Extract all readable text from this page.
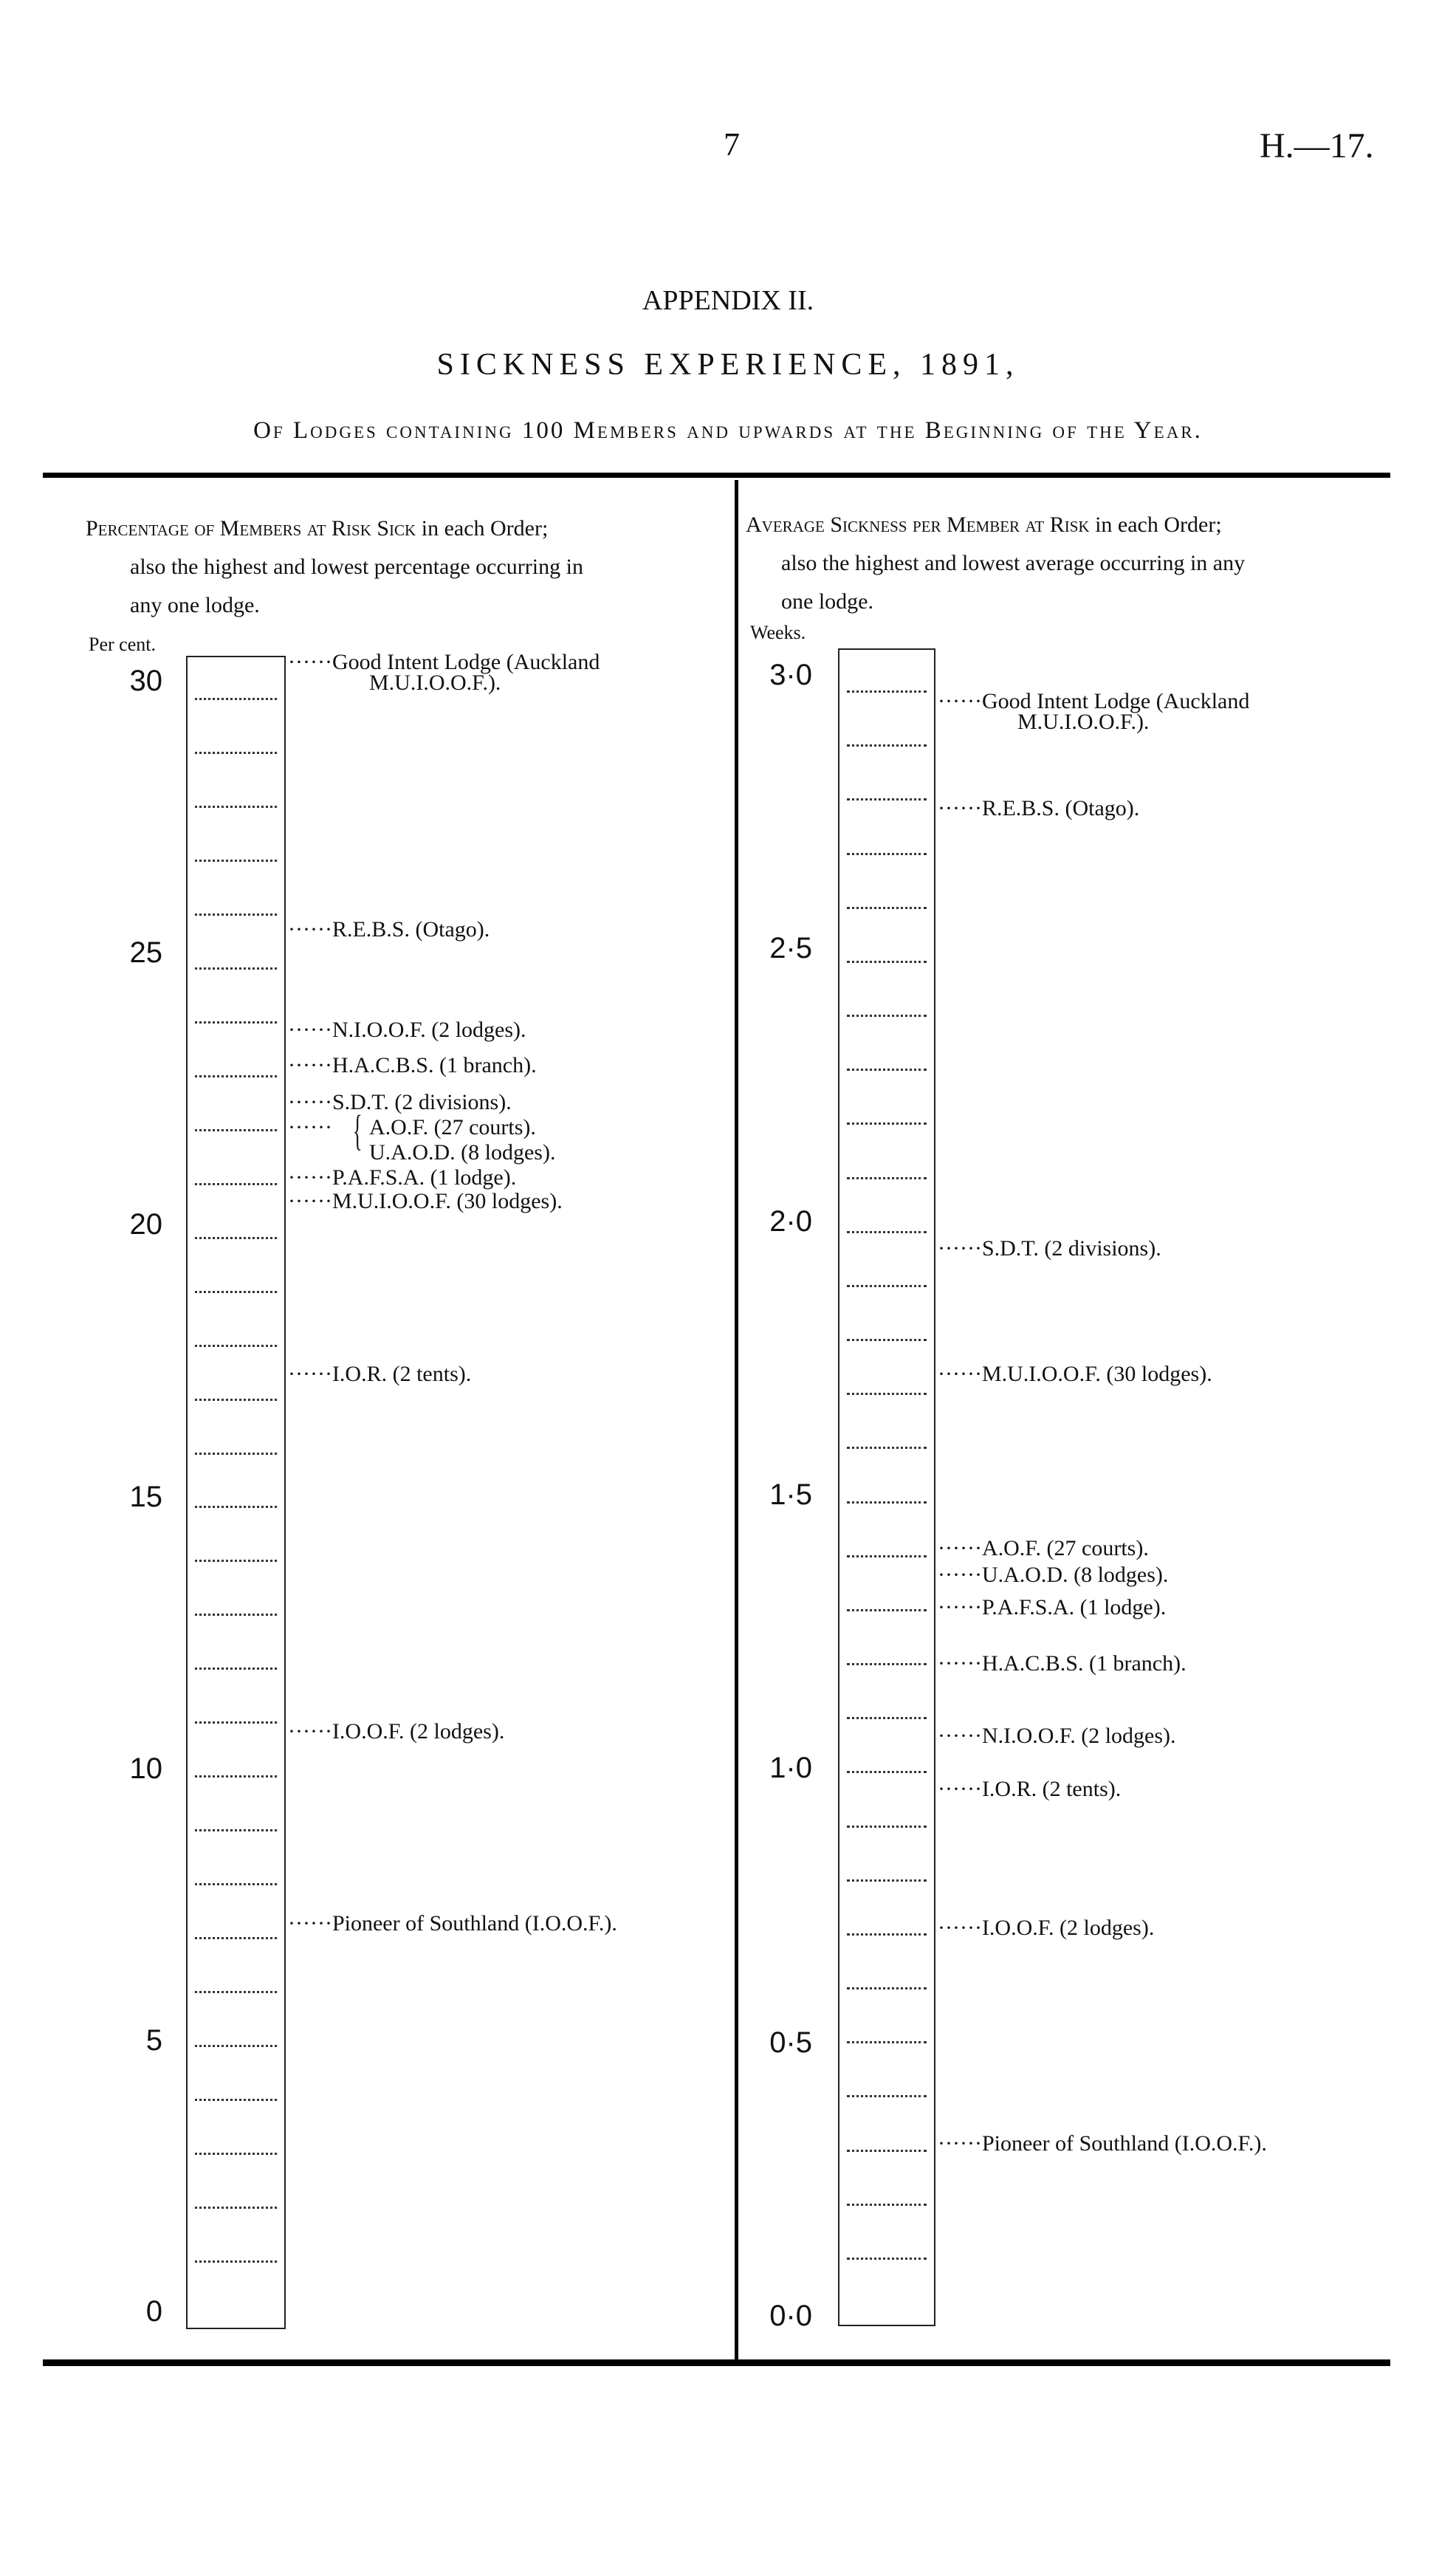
7	H.—17.
APPENDIX II.
SICKNESS EXPERIENCE, 1891,
Of Lodges containing 100 Members and upwards at the Beginning of the Year.
Percentage of Members at Risk Sick in each Order;
also the highest and lowest percentage occurring in
any one lodge.
Per cent.
30
25
20
15
10
5
0
······Good Intent Lodge (Auckland
M.U.I.O.O.F.).
······R.E.B.S. (Otago).
······N.I.O.O.F. (2 lodges).
······H.A.C.B.S. (1 branch).
······S.D.T. (2 divisions).
······ { A.O.F. (27 courts).
U.A.O.D. (8 lodges).
······P.A.F.S.A. (1 lodge).
······M.U.I.O.O.F. (30 lodges).
······I.O.R. (2 tents).
······I.O.O.F. (2 lodges).
······Pioneer of Southland (I.O.O.F.).
Average Sickness per Member at Risk in each Order;
also the highest and lowest average occurring in any
one lodge.
Weeks.
3·0
2·5
2·0
1·5
1·0
0·5
0·0
······Good Intent Lodge (Auckland
M.U.I.O.O.F.).
······R.E.B.S. (Otago).
······S.D.T. (2 divisions).
······M.U.I.O.O.F. (30 lodges).
······A.O.F. (27 courts).
······U.A.O.D. (8 lodges).
······P.A.F.S.A. (1 lodge).
······H.A.C.B.S. (1 branch).
······N.I.O.O.F. (2 lodges).
······I.O.R. (2 tents).
······I.O.O.F. (2 lodges).
······Pioneer of Southland (I.O.O.F.).
